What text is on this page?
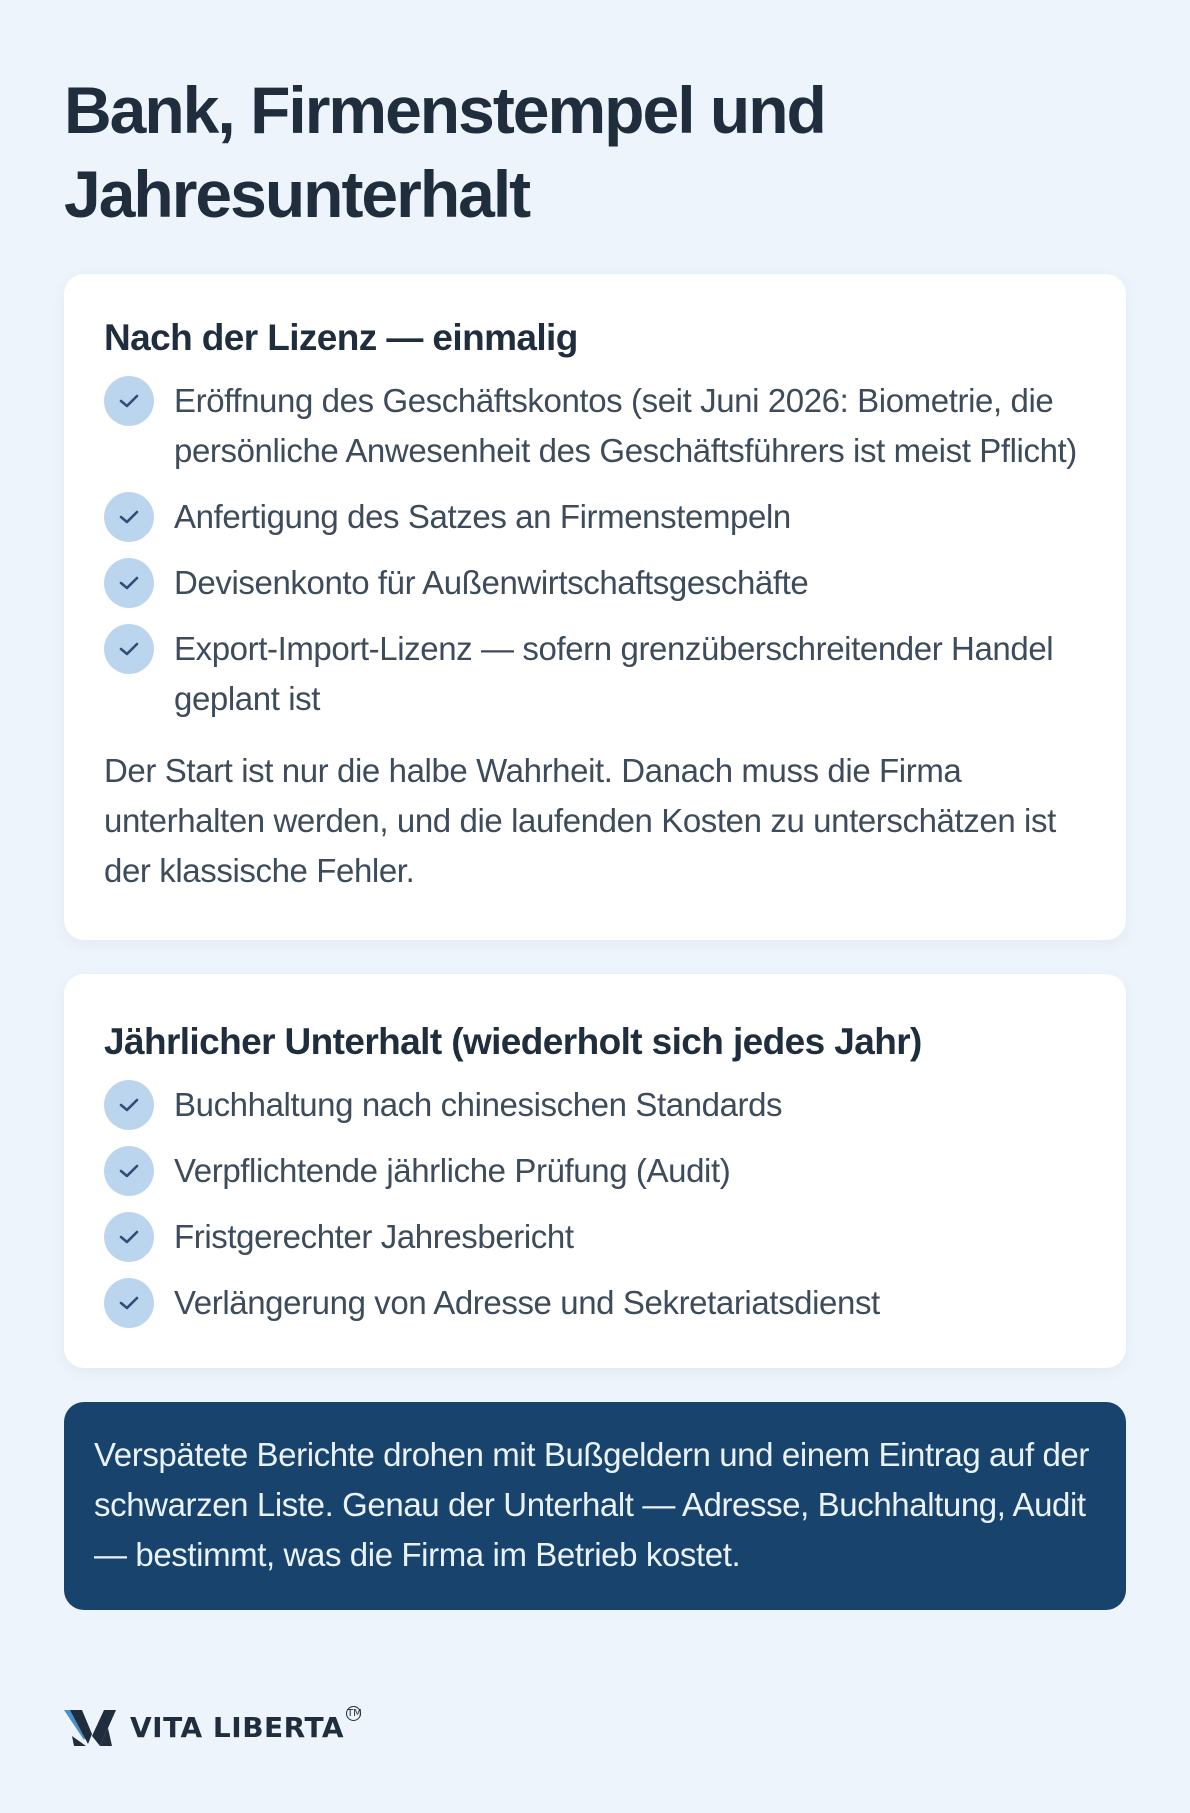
Bank, Firmenstempel und Jahresunterhalt
Nach der Lizenz — einmalig
Eröffnung des Geschäftskontos (seit Juni 2026: Biometrie, die persönliche Anwesenheit des Geschäftsführers ist meist Pflicht)
Anfertigung des Satzes an Firmenstempeln
Devisenkonto für Außenwirtschaftsgeschäfte
Export-Import-Lizenz — sofern grenzüberschreitender Handel geplant ist

Der Start ist nur die halbe Wahrheit. Danach muss die Firma unterhalten werden, und die laufenden Kosten zu unterschätzen ist der klassische Fehler.

Jährlicher Unterhalt (wiederholt sich jedes Jahr)
Buchhaltung nach chinesischen Standards
Verpflichtende jährliche Prüfung (Audit)
Fristgerechter Jahresbericht
Verlängerung von Adresse und Sekretariatsdienst
Verspätete Berichte drohen mit Bußgeldern und einem Eintrag auf der schwarzen Liste. Genau der Unterhalt — Adresse, Buchhaltung, Audit — bestimmt, was die Firma im Betrieb kostet.
VITA LIBERTA TM
